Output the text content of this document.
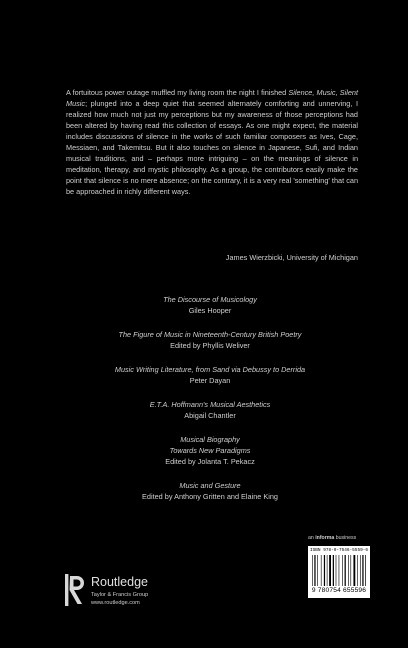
A fortuitous power outage muffled my living room the night I finished Silence, Music, Silent Music; plunged into a deep quiet that seemed alternately comforting and unnerving, I realized how much not just my perceptions but my awareness of those perceptions had been altered by having read this collection of essays. As one might expect, the material includes discussions of silence in the works of such familiar composers as Ives, Cage, Messiaen, and Takemitsu. But it also touches on silence in Japanese, Sufi, and Indian musical traditions, and – perhaps more intriguing – on the meanings of silence in meditation, therapy, and mystic philosophy. As a group, the contributors easily make the point that silence is no mere absence; on the contrary, it is a very real 'something' that can be approached in richly different ways.

James Wierzbicki, University of Michigan
The Discourse of Musicology
Giles Hooper
The Figure of Music in Nineteenth-Century British Poetry
Edited by Phyllis Weliver
Music Writing Literature, from Sand via Debussy to Derrida
Peter Dayan
E.T.A. Hoffmann's Musical Aesthetics
Abigail Chantler
Musical Biography
Towards New Paradigms
Edited by Jolanta T. Pekacz
Music and Gesture
Edited by Anthony Gritten and Elaine King
an informa business
ISBN 978-0-7546-5559-6
9 780754 655596
Routledge
Taylor & Francis Group
www.routledge.com
